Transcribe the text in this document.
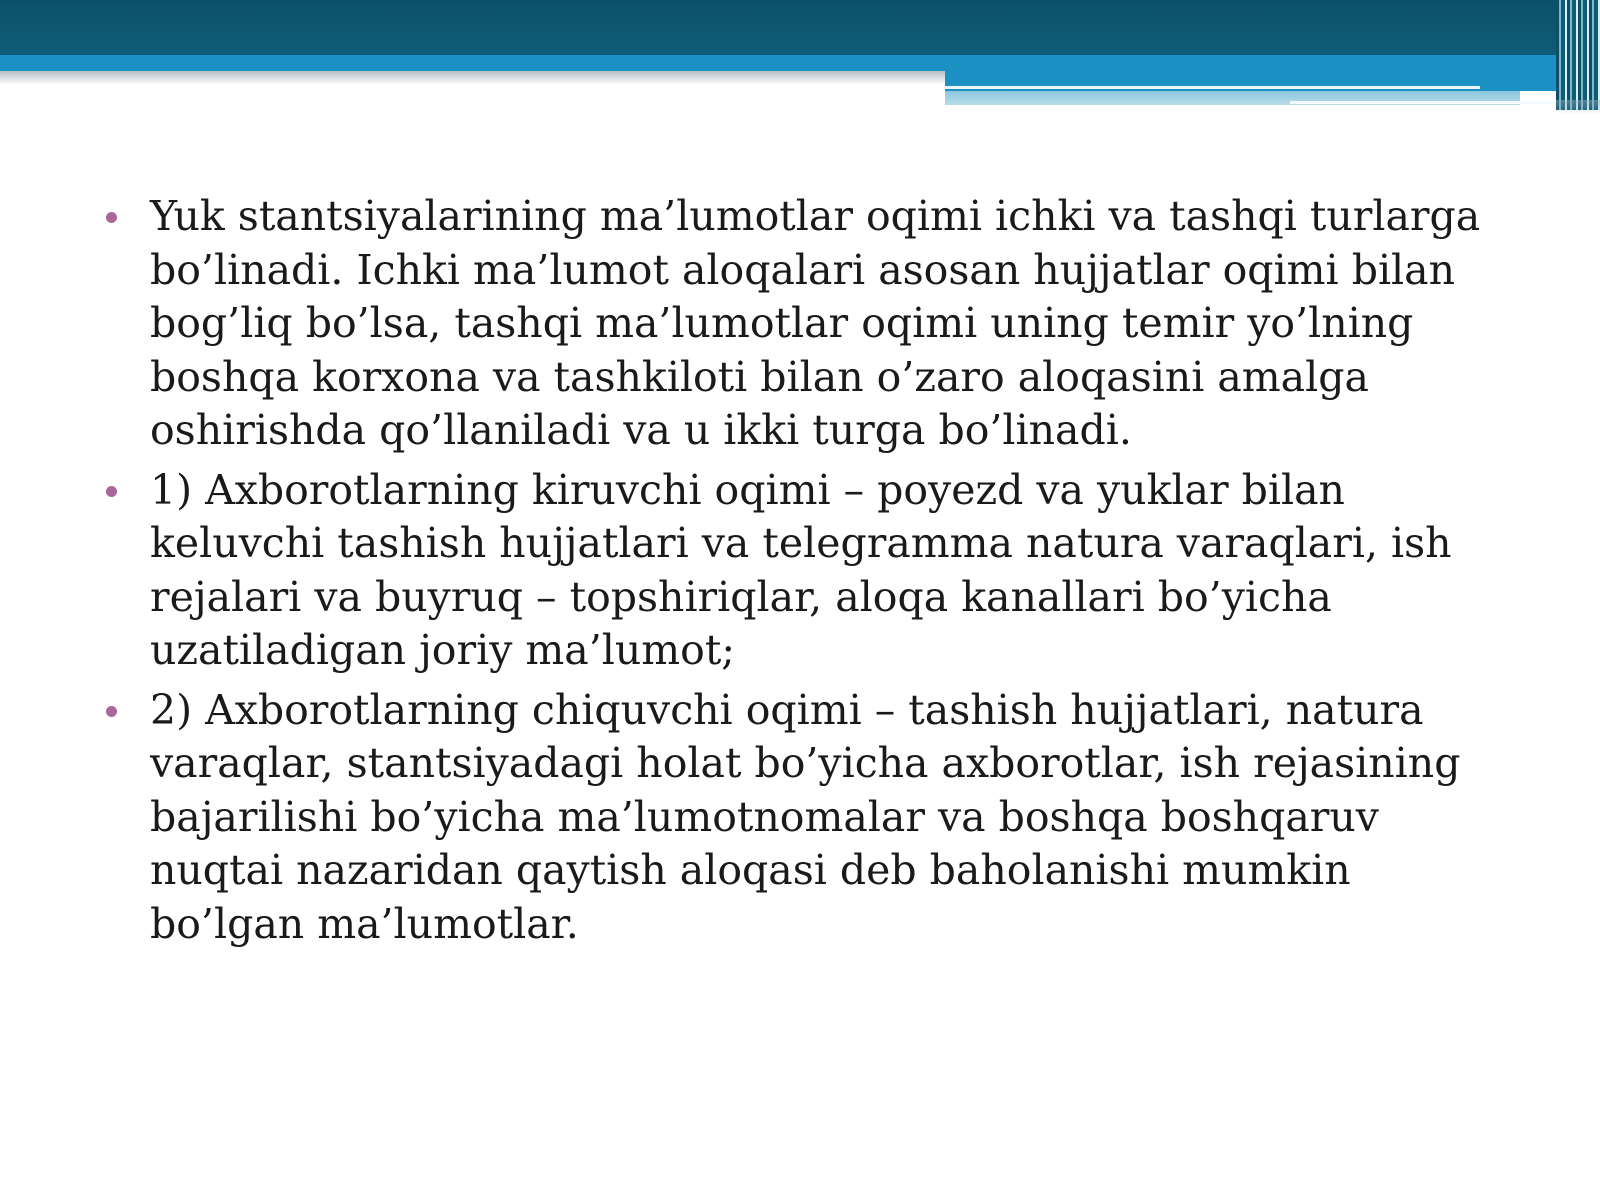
Yuk stantsiyalarining ma’lumotlar oqimi ichki va tashqi turlarga bo’linadi. Ichki ma’lumot aloqalari asosan hujjatlar oqimi bilan bog’liq bo’lsa, tashqi ma’lumotlar oqimi uning temir yo’lning boshqa korxona va tashkiloti bilan o’zaro aloqasini amalga oshirishda qo’llaniladi va u ikki turga bo’linadi.
1) Axborotlarning kiruvchi oqimi – poyezd va yuklar bilan keluvchi tashish hujjatlari va telegramma natura varaqlari, ish rejalari va buyruq – topshiriqlar, aloqa kanallari bo’yicha uzatiladigan joriy ma’lumot;
2) Axborotlarning chiquvchi oqimi – tashish hujjatlari, natura varaqlar, stantsiyadagi holat bo’yicha axborotlar, ish rejasining bajarilishi bo’yicha ma’lumotnomalar va boshqa boshqaruv nuqtai nazaridan qaytish aloqasi deb baholanishi mumkin bo’lgan ma’lumotlar.
